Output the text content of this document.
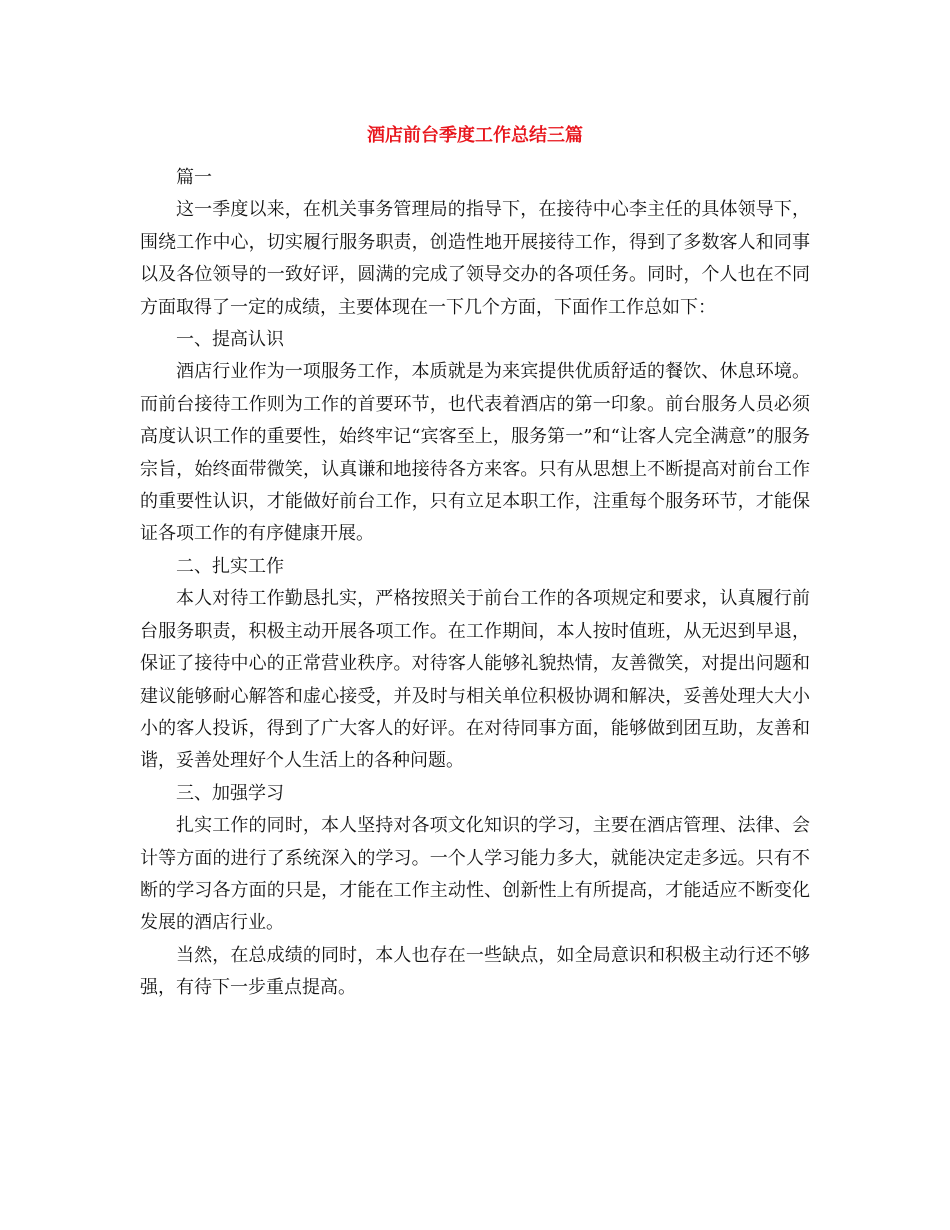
酒店前台季度工作总结三篇

篇一

这一季度以来，在机关事务管理局的指导下，在接待中心李主任的具体领导下，围绕工作中心，切实履行服务职责，创造性地开展接待工作，得到了多数客人和同事以及各位领导的一致好评，圆满的完成了领导交办的各项任务。同时，个人也在不同方面取得了一定的成绩，主要体现在一下几个方面，下面作工作总如下：

一、提高认识

酒店行业作为一项服务工作，本质就是为来宾提供优质舒适的餐饮、休息环境。而前台接待工作则为工作的首要环节，也代表着酒店的第一印象。前台服务人员必须高度认识工作的重要性，始终牢记“宾客至上，服务第一”和“让客人完全满意”的服务宗旨，始终面带微笑，认真谦和地接待各方来客。只有从思想上不断提高对前台工作的重要性认识，才能做好前台工作，只有立足本职工作，注重每个服务环节，才能保证各项工作的有序健康开展。

二、扎实工作

本人对待工作勤恳扎实，严格按照关于前台工作的各项规定和要求，认真履行前台服务职责，积极主动开展各项工作。在工作期间，本人按时值班，从无迟到早退，保证了接待中心的正常营业秩序。对待客人能够礼貌热情，友善微笑，对提出问题和建议能够耐心解答和虚心接受，并及时与相关单位积极协调和解决，妥善处理大大小小的客人投诉，得到了广大客人的好评。在对待同事方面，能够做到团互助，友善和谐，妥善处理好个人生活上的各种问题。

三、加强学习

扎实工作的同时，本人坚持对各项文化知识的学习，主要在酒店管理、法律、会计等方面的进行了系统深入的学习。一个人学习能力多大，就能决定走多远。只有不断的学习各方面的只是，才能在工作主动性、创新性上有所提高，才能适应不断变化发展的酒店行业。

当然，在总成绩的同时，本人也存在一些缺点，如全局意识和积极主动行还不够强，有待下一步重点提高。
